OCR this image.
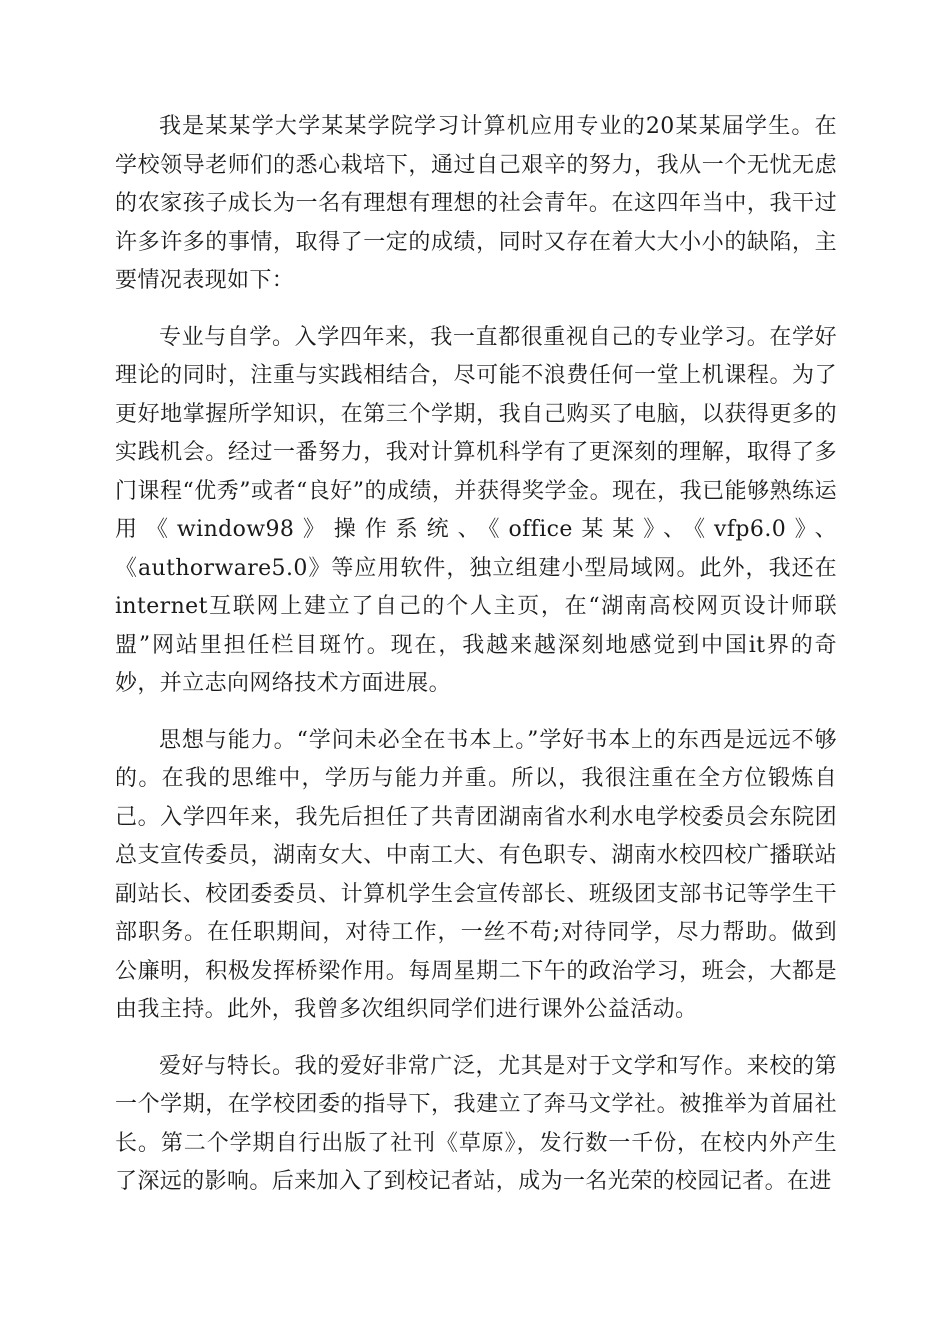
我是某某学大学某某学院学习计算机应用专业的20某某届学生。在学校领导老师们的悉心栽培下，通过自己艰辛的努力，我从一个无忧无虑的农家孩子成长为一名有理想有理想的社会青年。在这四年当中，我干过许多许多的事情，取得了一定的成绩，同时又存在着大大小小的缺陷，主要情况表现如下：

专业与自学。入学四年来，我一直都很重视自己的专业学习。在学好理论的同时，注重与实践相结合，尽可能不浪费任何一堂上机课程。为了更好地掌握所学知识，在第三个学期，我自己购买了电脑，以获得更多的实践机会。经过一番努力，我对计算机科学有了更深刻的理解，取得了多门课程“优秀”或者“良好”的成绩，并获得奖学金。现在，我已能够熟练运用《window98》操作系统、《office某某》、《vfp6.0》、《authorware5.0》等应用软件，独立组建小型局域网。此外，我还在internet互联网上建立了自己的个人主页，在“湖南高校网页设计师联盟”网站里担任栏目斑竹。现在，我越来越深刻地感觉到中国it界的奇妙，并立志向网络技术方面进展。

思想与能力。“学问未必全在书本上。”学好书本上的东西是远远不够的。在我的思维中，学历与能力并重。所以，我很注重在全方位锻炼自己。入学四年来，我先后担任了共青团湖南省水利水电学校委员会东院团总支宣传委员，湖南女大、中南工大、有色职专、湖南水校四校广播联站副站长、校团委委员、计算机学生会宣传部长、班级团支部书记等学生干部职务。在任职期间，对待工作，一丝不苟;对待同学，尽力帮助。做到公廉明，积极发挥桥梁作用。每周星期二下午的政治学习，班会，大都是由我主持。此外，我曾多次组织同学们进行课外公益活动。

爱好与特长。我的爱好非常广泛，尤其是对于文学和写作。来校的第一个学期，在学校团委的指导下，我建立了奔马文学社。被推举为首届社长。第二个学期自行出版了社刊《草原》，发行数一千份，在校内外产生了深远的影响。后来加入了到校记者站，成为一名光荣的校园记者。在进
